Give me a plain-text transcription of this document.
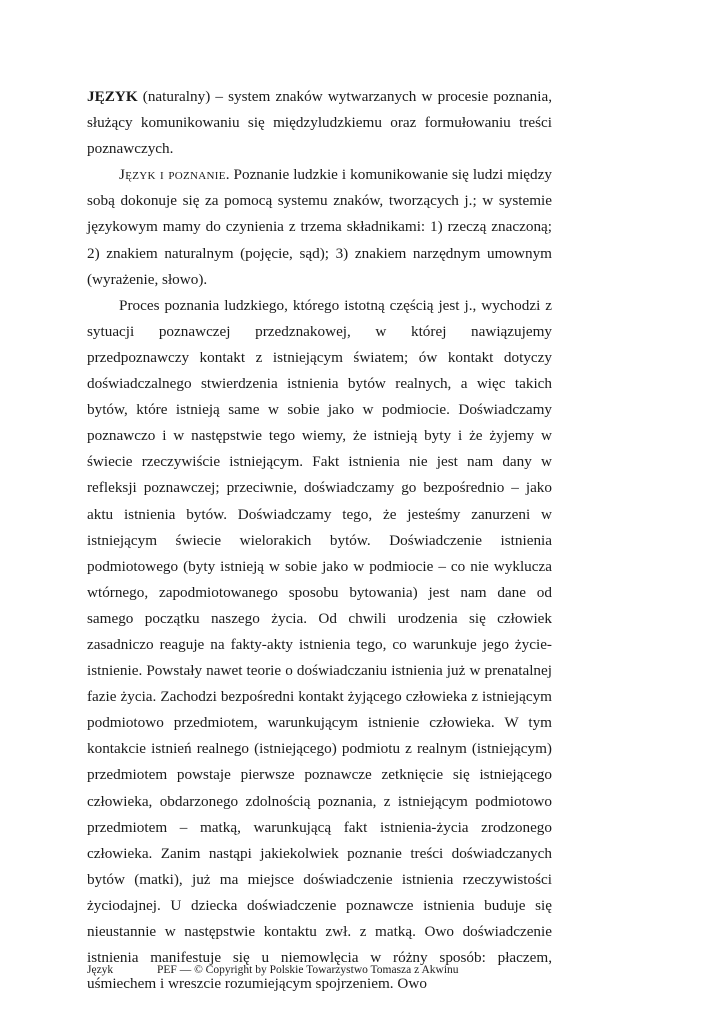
JĘZYK (naturalny) – system znaków wytwarzanych w procesie poznania, służący komunikowaniu się międzyludzkiemu oraz formułowaniu treści poznawczych.

Język i poznanie. Poznanie ludzkie i komunikowanie się ludzi między sobą dokonuje się za pomocą systemu znaków, tworzących j.; w systemie językowym mamy do czynienia z trzema składnikami: 1) rzeczą znaczoną; 2) znakiem naturalnym (pojęcie, sąd); 3) znakiem narzędnym umownym (wyrażenie, słowo).

Proces poznania ludzkiego, którego istotną częścią jest j., wychodzi z sytuacji poznawczej przedznakowej, w której nawiązujemy przedpoznawczy kontakt z istniejącym światem; ów kontakt dotyczy doświadczalnego stwierdzenia istnienia bytów realnych, a więc takich bytów, które istnieją same w sobie jako w podmiocie. Doświadczamy poznawczo i w następstwie tego wiemy, że istnieją byty i że żyjemy w świecie rzeczywiście istniejącym. Fakt istnienia nie jest nam dany w refleksji poznawczej; przeciwnie, doświadczamy go bezpośrednio – jako aktu istnienia bytów. Doświadczamy tego, że jesteśmy zanurzeni w istniejącym świecie wielorakich bytów. Doświadczenie istnienia podmiotowego (byty istnieją w sobie jako w podmiocie – co nie wyklucza wtórnego, zapodmiotowanego sposobu bytowania) jest nam dane od samego początku naszego życia. Od chwili urodzenia się człowiek zasadniczo reaguje na fakty-akty istnienia tego, co warunkuje jego życie-istnienie. Powstały nawet teorie o doświadczaniu istnienia już w prenatalnej fazie życia. Zachodzi bezpośredni kontakt żyjącego człowieka z istniejącym podmiotowo przedmiotem, warunkującym istnienie człowieka. W tym kontakcie istnień realnego (istniejącego) podmiotu z realnym (istniejącym) przedmiotem powstaje pierwsze poznawcze zetknięcie się istniejącego człowieka, obdarzonego zdolnością poznania, z istniejącym podmiotowo przedmiotem – matką, warunkującą fakt istnienia-życia zrodzonego człowieka. Zanim nastąpi jakiekolwiek poznanie treści doświadczanych bytów (matki), już ma miejsce doświadczenie istnienia rzeczywistości życiodajnej. U dziecka doświadczenie poznawcze istnienia buduje się nieustannie w następstwie kontaktu zwł. z matką. Owo doświadczenie istnienia manifestuje się u niemowlęcia w różny sposób: płaczem, uśmiechem i wreszcie rozumiejącym spojrzeniem. Owo

Język	PEF — © Copyright by Polskie Towarzystwo Tomasza z Akwinu
